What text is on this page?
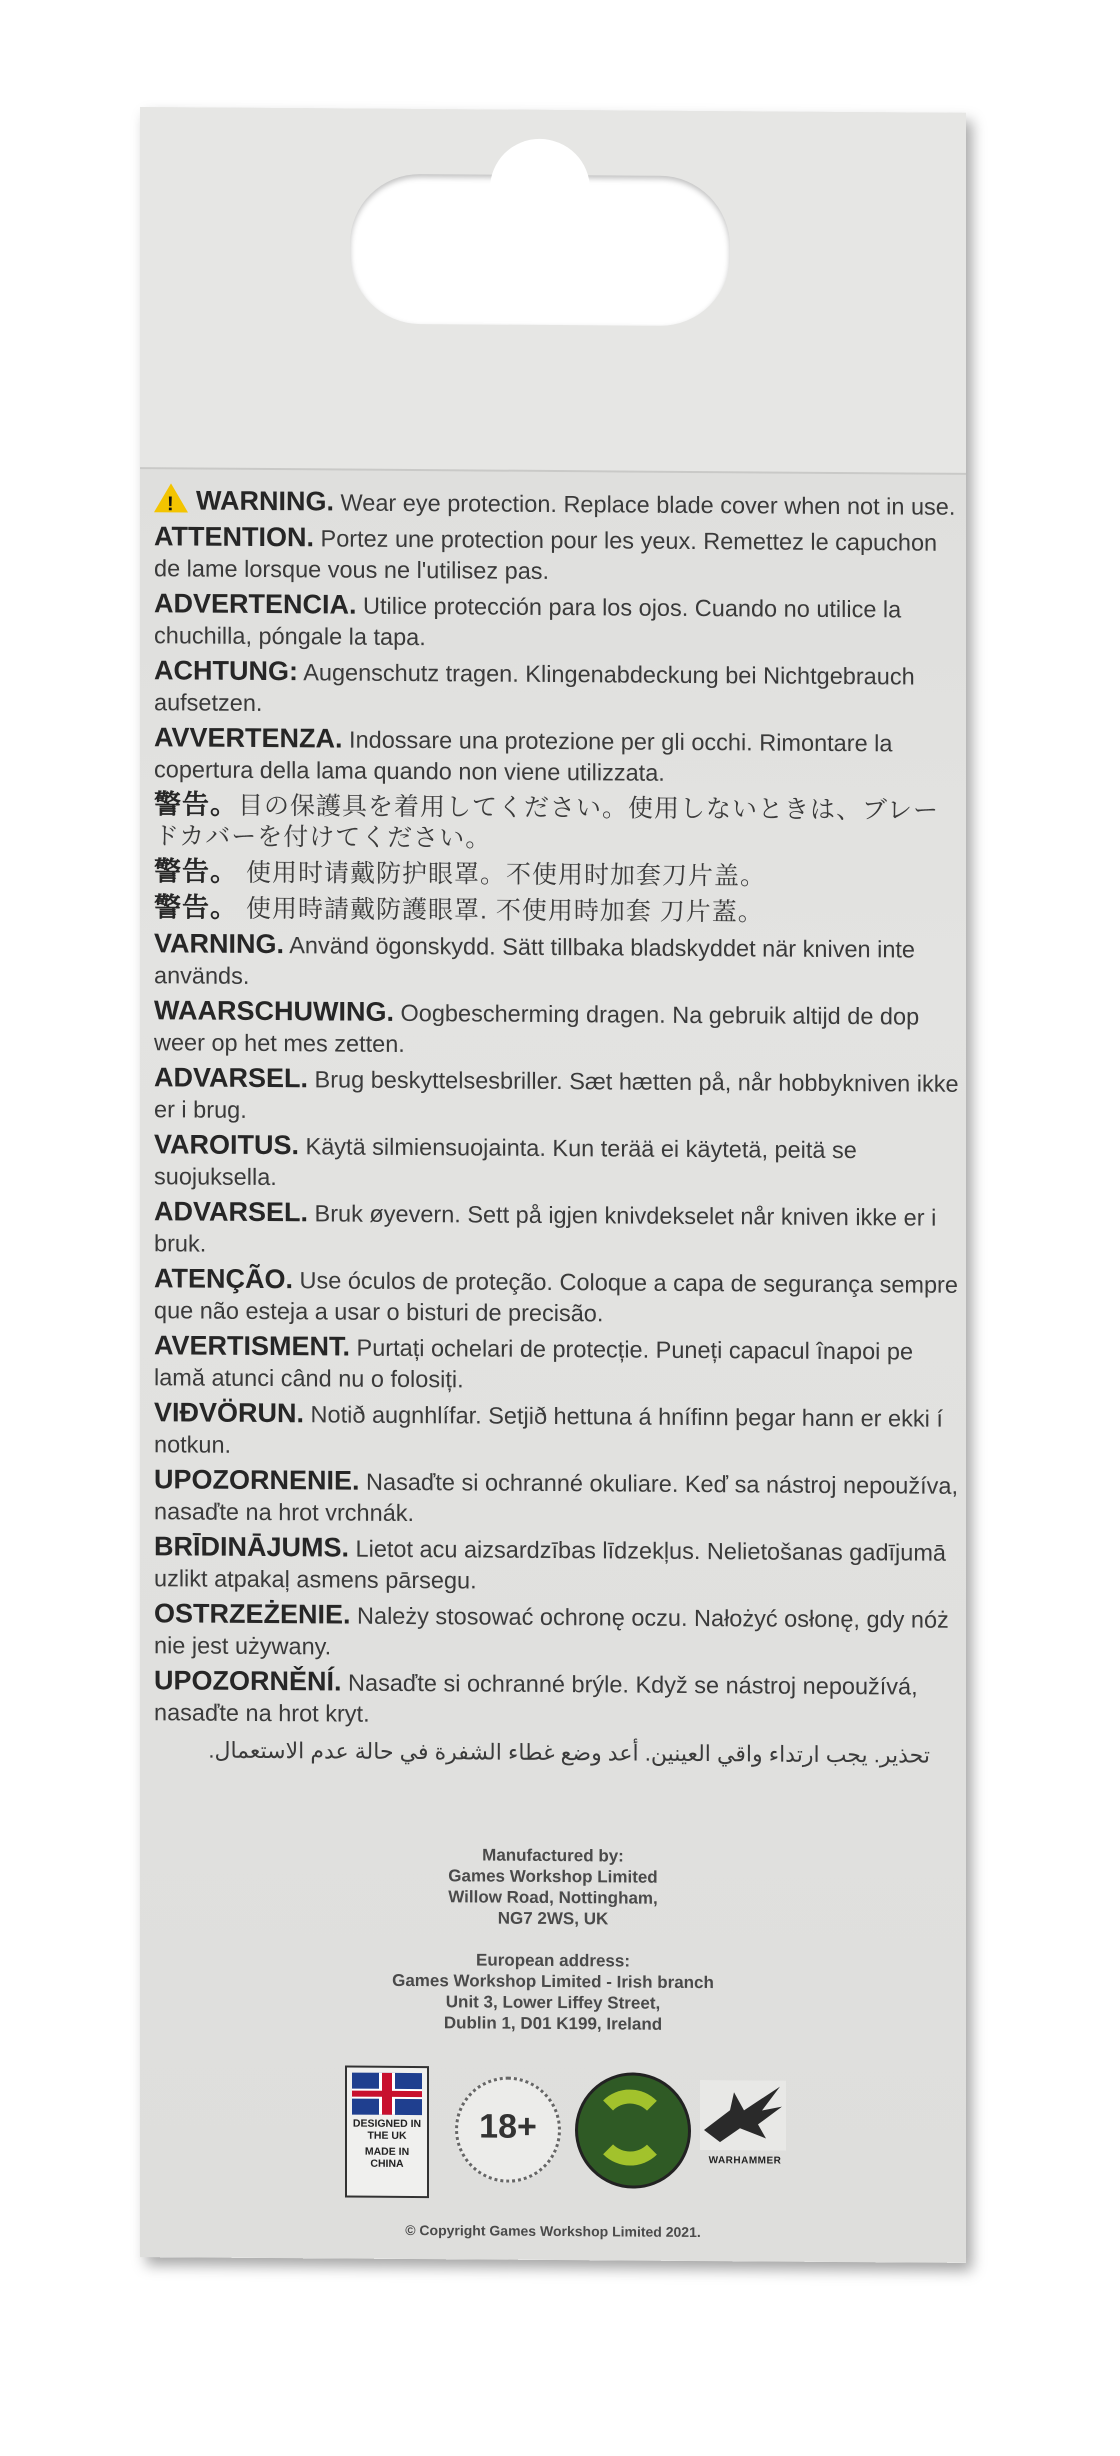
! WARNING. Wear eye protection. Replace blade cover when not in use.

ATTENTION. Portez une protection pour les yeux. Remettez le capuchon de lame lorsque vous ne l'utilisez pas.

ADVERTENCIA. Utilice protección para los ojos. Cuando no utilice la chuchilla, póngale la tapa.

ACHTUNG: Augenschutz tragen. Klingenabdeckung bei Nichtgebrauch aufsetzen.

AVVERTENZA. Indossare una protezione per gli occhi. Rimontare la copertura della lama quando non viene utilizzata.

警告。目の保護具を着用してください。使用しないときは、ブレードカバーを付けてください。

警告。 使用时请戴防护眼罩。不使用时加套刀片盖。

警告。 使用時請戴防護眼罩. 不使用時加套 刀片蓋。

VARNING. Använd ögonskydd. Sätt tillbaka bladskyddet när kniven inte används.

WAARSCHUWING. Oogbescherming dragen. Na gebruik altijd de dop weer op het mes zetten.

ADVARSEL. Brug beskyttelsesbriller. Sæt hætten på, når hobbykniven ikke er i brug.

VAROITUS. Käytä silmiensuojainta. Kun terää ei käytetä, peitä se suojuksella.

ADVARSEL. Bruk øyevern. Sett på igjen knivdekselet når kniven ikke er i bruk.

ATENÇÃO. Use óculos de proteção. Coloque a capa de segurança sempre que não esteja a usar o bisturi de precisão.

AVERTISMENT. Purtați ochelari de protecție. Puneți capacul înapoi pe lamă atunci când nu o folosiți.

VIÐVÖRUN. Notið augnhlífar. Setjið hettuna á hnífinn þegar hann er ekki í notkun.

UPOZORNENIE. Nasaďte si ochranné okuliare. Keď sa nástroj nepoužíva, nasaďte na hrot vrchnák.

BRĪDINĀJUMS. Lietot acu aizsardzības līdzekļus. Nelietošanas gadījumā uzlikt atpakaļ asmens pārsegu.

OSTRZEŻENIE. Należy stosować ochronę oczu. Nałożyć osłonę, gdy nóż nie jest używany.

UPOZORNĚNÍ. Nasaďte si ochranné brýle. Když se nástroj nepoužívá, nasaďte na hrot kryt.

تحذير. يجب ارتداء واقي العينين. أعد وضع غطاء الشفرة في حالة عدم الاستعمال.

Manufactured by:
Games Workshop Limited
Willow Road, Nottingham,
NG7 2WS, UK
European address:
Games Workshop Limited - Irish branch
Unit 3, Lower Liffey Street,
Dublin 1, D01 K199, Ireland
DESIGNED IN THE UK
MADE IN CHINA
18+
WARHAMMER
© Copyright Games Workshop Limited 2021.
